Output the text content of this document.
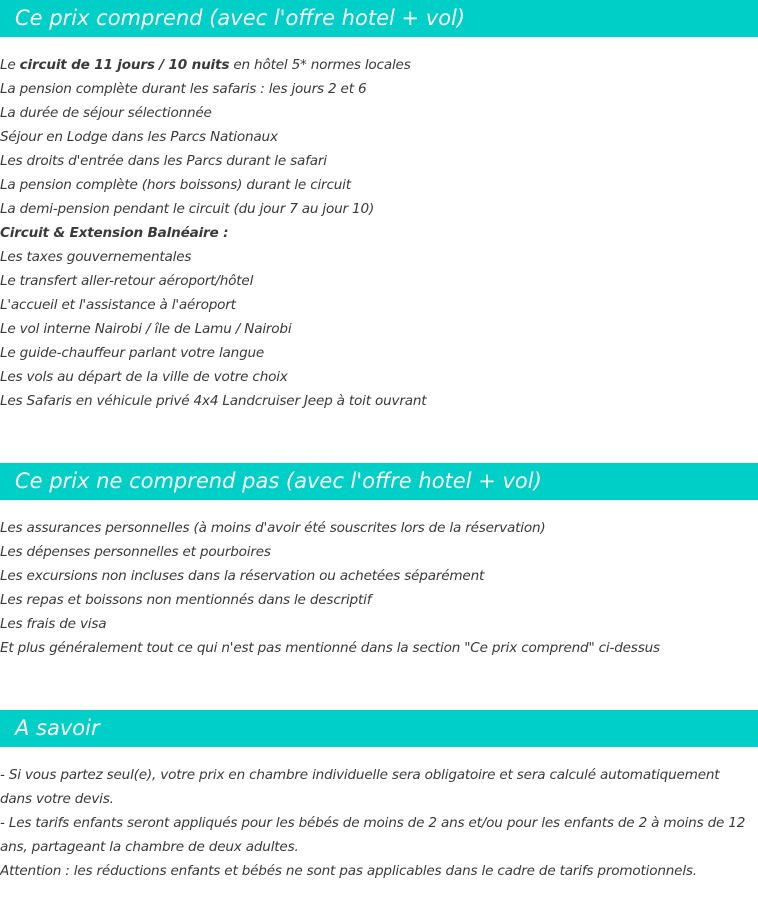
Ce prix comprend (avec l'offre hotel + vol)
Le circuit de 11 jours / 10 nuits en hôtel 5* normes locales
La pension complète durant les safaris : les jours 2 et 6
La durée de séjour sélectionnée
Séjour en Lodge dans les Parcs Nationaux
Les droits d'entrée dans les Parcs durant le safari
La pension complète (hors boissons) durant le circuit
La demi-pension pendant le circuit (du jour 7 au jour 10)
Circuit & Extension Balnéaire :
Les taxes gouvernementales
Le transfert aller-retour aéroport/hôtel
L'accueil et l'assistance à l'aéroport
Le vol interne Nairobi / île de Lamu / Nairobi
Le guide-chauffeur parlant votre langue
Les vols au départ de la ville de votre choix
Les Safaris en véhicule privé 4x4 Landcruiser Jeep à toit ouvrant
Ce prix ne comprend pas (avec l'offre hotel + vol)
Les assurances personnelles (à moins d'avoir été souscrites lors de la réservation)
Les dépenses personnelles et pourboires
Les excursions non incluses dans la réservation ou achetées séparément
Les repas et boissons non mentionnés dans le descriptif
Les frais de visa
Et plus généralement tout ce qui n'est pas mentionné dans la section "Ce prix comprend" ci-dessus
A savoir

- Si vous partez seul(e), votre prix en chambre individuelle sera obligatoire et sera calculé automatiquement dans votre devis.

- Les tarifs enfants seront appliqués pour les bébés de moins de 2 ans et/ou pour les enfants de 2 à moins de 12 ans, partageant la chambre de deux adultes.

Attention : les réductions enfants et bébés ne sont pas applicables dans le cadre de tarifs promotionnels.
